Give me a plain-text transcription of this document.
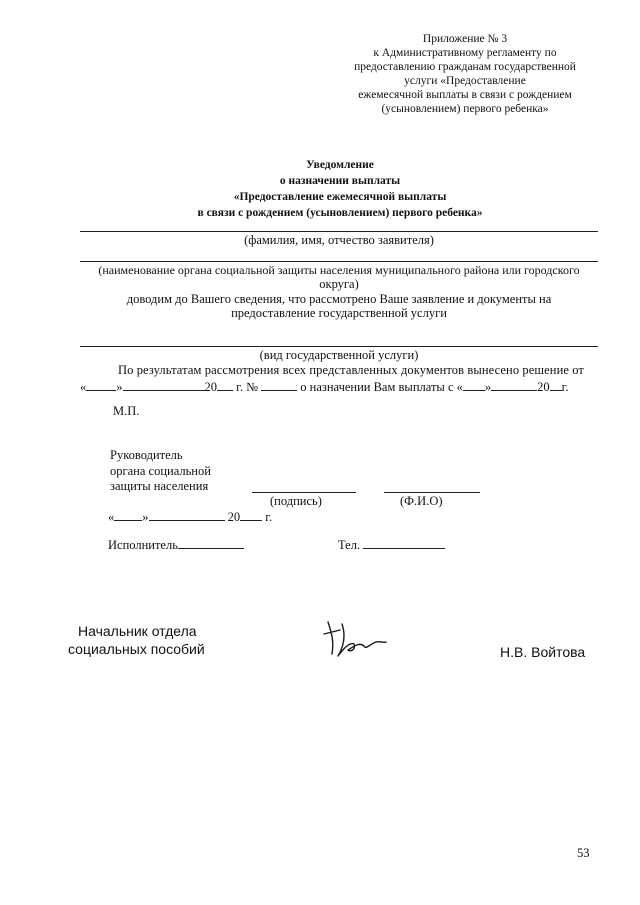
Приложение № 3
к Административному регламенту по
предоставлению гражданам государственной
услуги «Предоставление
ежемесячной выплаты в связи с рождением
(усыновлением) первого ребенка»
Уведомление
о назначении выплаты
«Предоставление ежемесячной выплаты
в связи с рождением (усыновлением) первого ребенка»
(фамилия, имя, отчество заявителя)
(наименование органа социальной защиты населения муниципального района или городского
округа)
доводим до Вашего сведения, что рассмотрено Ваше заявление и документы на
предоставление государственной услуги
(вид государственной услуги)
По результатам рассмотрения всех представленных документов вынесено решение от
« »	20 г. №	о назначении Вам выплаты с « »	20 г.
М.П.
Руководитель
органа социальной
защиты населения
(подпись)	(Ф.И.О)
« »	20 г.
Исполнитель	Тел.
Начальник отдела
социальных пособий	Н.В. Войтова
53
